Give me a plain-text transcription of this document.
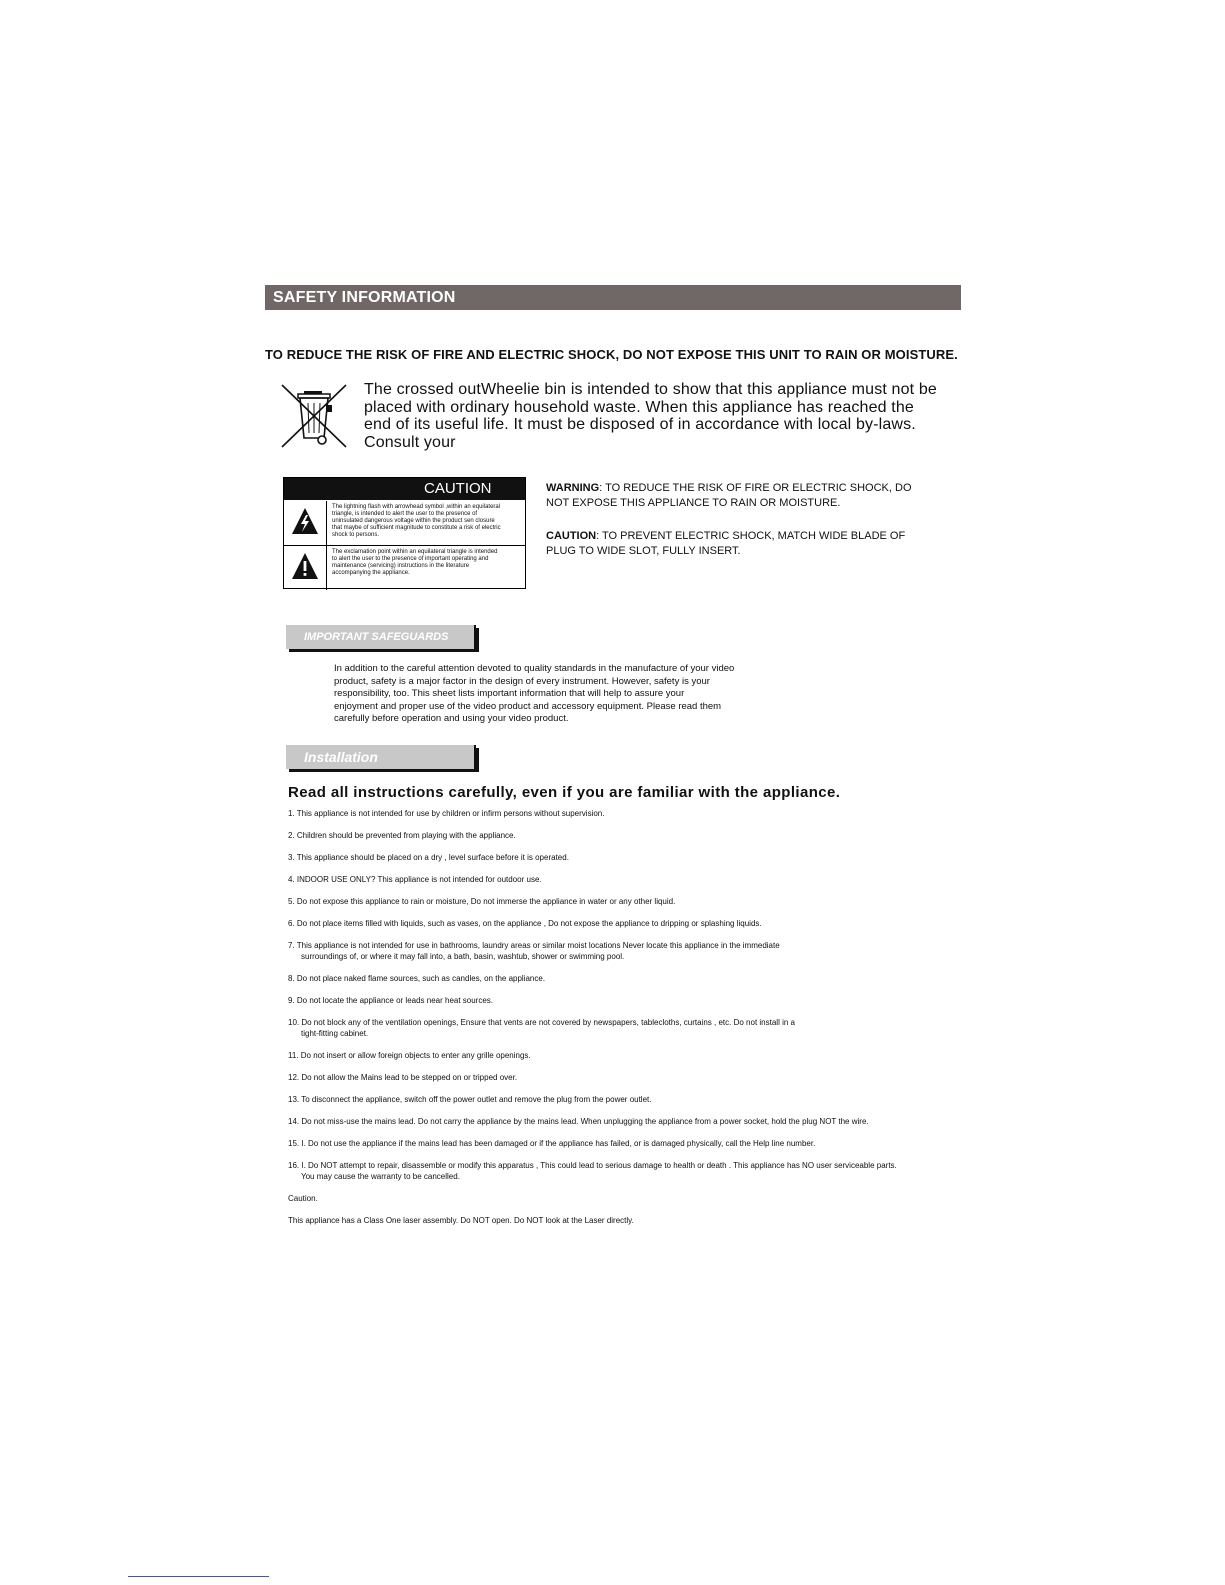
SAFETY INFORMATION
TO REDUCE THE RISK OF FIRE AND ELECTRIC SHOCK, DO NOT EXPOSE THIS UNIT TO RAIN OR MOISTURE.
The crossed outWheelie bin is intended to show that this appliance must not be
placed with ordinary household waste. When this appliance has reached the
end of its useful life. It must be disposed of in accordance with local by-laws.
Consult your
CAUTION
The lightning flash with arrowhead symbol ,within an equilateral
triangle, is intended to alert the user to the presence of
uninsulated dangerous voltage within the product sen closure
that maybe of sufficient magnitude to constitute a risk of electric
shock to persons.
The exclamation point within an equilateral triangle is intended
to alert the user to the presence of important operating and
maintenance (servicing) instructions in the literature
accompanying the appliance.
WARNING: TO REDUCE THE RISK OF FIRE OR ELECTRIC SHOCK, DO
NOT EXPOSE THIS APPLIANCE TO RAIN OR MOISTURE.
CAUTION: TO PREVENT ELECTRIC SHOCK, MATCH WIDE BLADE OF
PLUG TO WIDE SLOT, FULLY INSERT.
IMPORTANT SAFEGUARDS
In addition to the careful attention devoted to quality standards in the manufacture of your video
product, safety is a major factor in the design of every instrument. However, safety is your
responsibility, too. This sheet lists important information that will help to assure your
enjoyment and proper use of the video product and accessory equipment. Please read them
carefully before operation and using your video product.
Installation
Read all instructions carefully, even if you are familiar with the appliance.
1. This appliance is not intended for use by children or infirm persons without supervision.
2. Children should be prevented from playing with the appliance.
3. This appliance should be placed on a dry , level surface before it is operated.
4. INDOOR USE ONLY? This appliance is not intended for outdoor use.
5. Do not expose this appliance to rain or moisture, Do not immerse the appliance in water or any other liquid.
6. Do not place items filled with liquids, such as vases, on the appliance , Do not expose the appliance to dripping or splashing liquids.
7. This appliance is not intended for use in bathrooms, laundry areas or similar moist locations Never locate this appliance in the immediate
surroundings of, or where it may fall into, a bath, basin, washtub, shower or swimming pool.
8. Do not place naked flame sources, such as candles, on the appliance.
9. Do not locate the appliance or leads near heat sources.
10. Do not block any of the ventilation openings, Ensure that vents are not covered by newspapers, tablecloths, curtains , etc. Do not install in a
tight-fitting cabinet.
11. Do not insert or allow foreign objects to enter any grille openings.
12. Do not allow the Mains lead to be stepped on or tripped over.
13. To disconnect the appliance, switch off the power outlet and remove the plug from the power outlet.
14. Do not miss-use the mains lead. Do not carry the appliance by the mains lead. When unplugging the appliance from a power socket, hold the plug NOT the wire.
15. I. Do not use the appliance if the mains lead has been damaged or if the appliance has failed, or is damaged physically, call the Help line number.
16. I. Do NOT attempt to repair, disassemble or modify this apparatus , This could lead to serious damage to health or death . This appliance has NO user serviceable parts.
You may cause the warranty to be cancelled.
Caution.
This appliance has a Class One laser assembly. Do NOT open. Do NOT look at the Laser directly.
